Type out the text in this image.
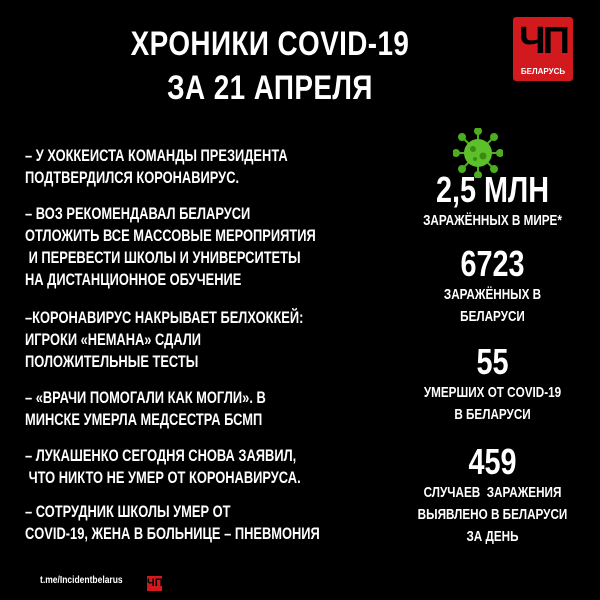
ХРОНИКИ COVID-19
ЗА 21 АПРЕЛЯ
ЧП
БЕЛАРУСЬ
– У ХОККЕИСТА КОМАНДЫ ПРЕЗИДЕНТА
ПОДТВЕРДИЛСЯ КОРОНАВИРУС.
– ВОЗ РЕКОМЕНДАВАЛ БЕЛАРУСИ
ОТЛОЖИТЬ ВСЕ МАССОВЫЕ МЕРОПРИЯТИЯ
И ПЕРЕВЕСТИ ШКОЛЫ И УНИВЕРСИТЕТЫ
НА ДИСТАНЦИОННОЕ ОБУЧЕНИЕ
–КОРОНАВИРУС НАКРЫВАЕТ БЕЛХОККЕЙ:
ИГРОКИ «НЕМАНА» СДАЛИ
ПОЛОЖИТЕЛЬНЫЕ ТЕСТЫ
– «ВРАЧИ ПОМОГАЛИ КАК МОГЛИ». В
МИНСКЕ УМЕРЛА МЕДСЕСТРА БСМП
– ЛУКАШЕНКО СЕГОДНЯ СНОВА ЗАЯВИЛ,
ЧТО НИКТО НЕ УМЕР ОТ КОРОНАВИРУСА.
– СОТРУДНИК ШКОЛЫ УМЕР ОТ
COVID-19, ЖЕНА В БОЛЬНИЦЕ – ПНЕВМОНИЯ
2,5 МЛН
ЗАРАЖЁННЫХ В МИРЕ*
6723
ЗАРАЖЁННЫХ В
БЕЛАРУСИ
55
УМЕРШИХ ОТ COVID-19
В БЕЛАРУСИ
459
СЛУЧАЕВ  ЗАРАЖЕНИЯ
ВЫЯВЛЕНО В БЕЛАРУСИ
ЗА ДЕНЬ
t.me/Incidentbelarus ЧП
